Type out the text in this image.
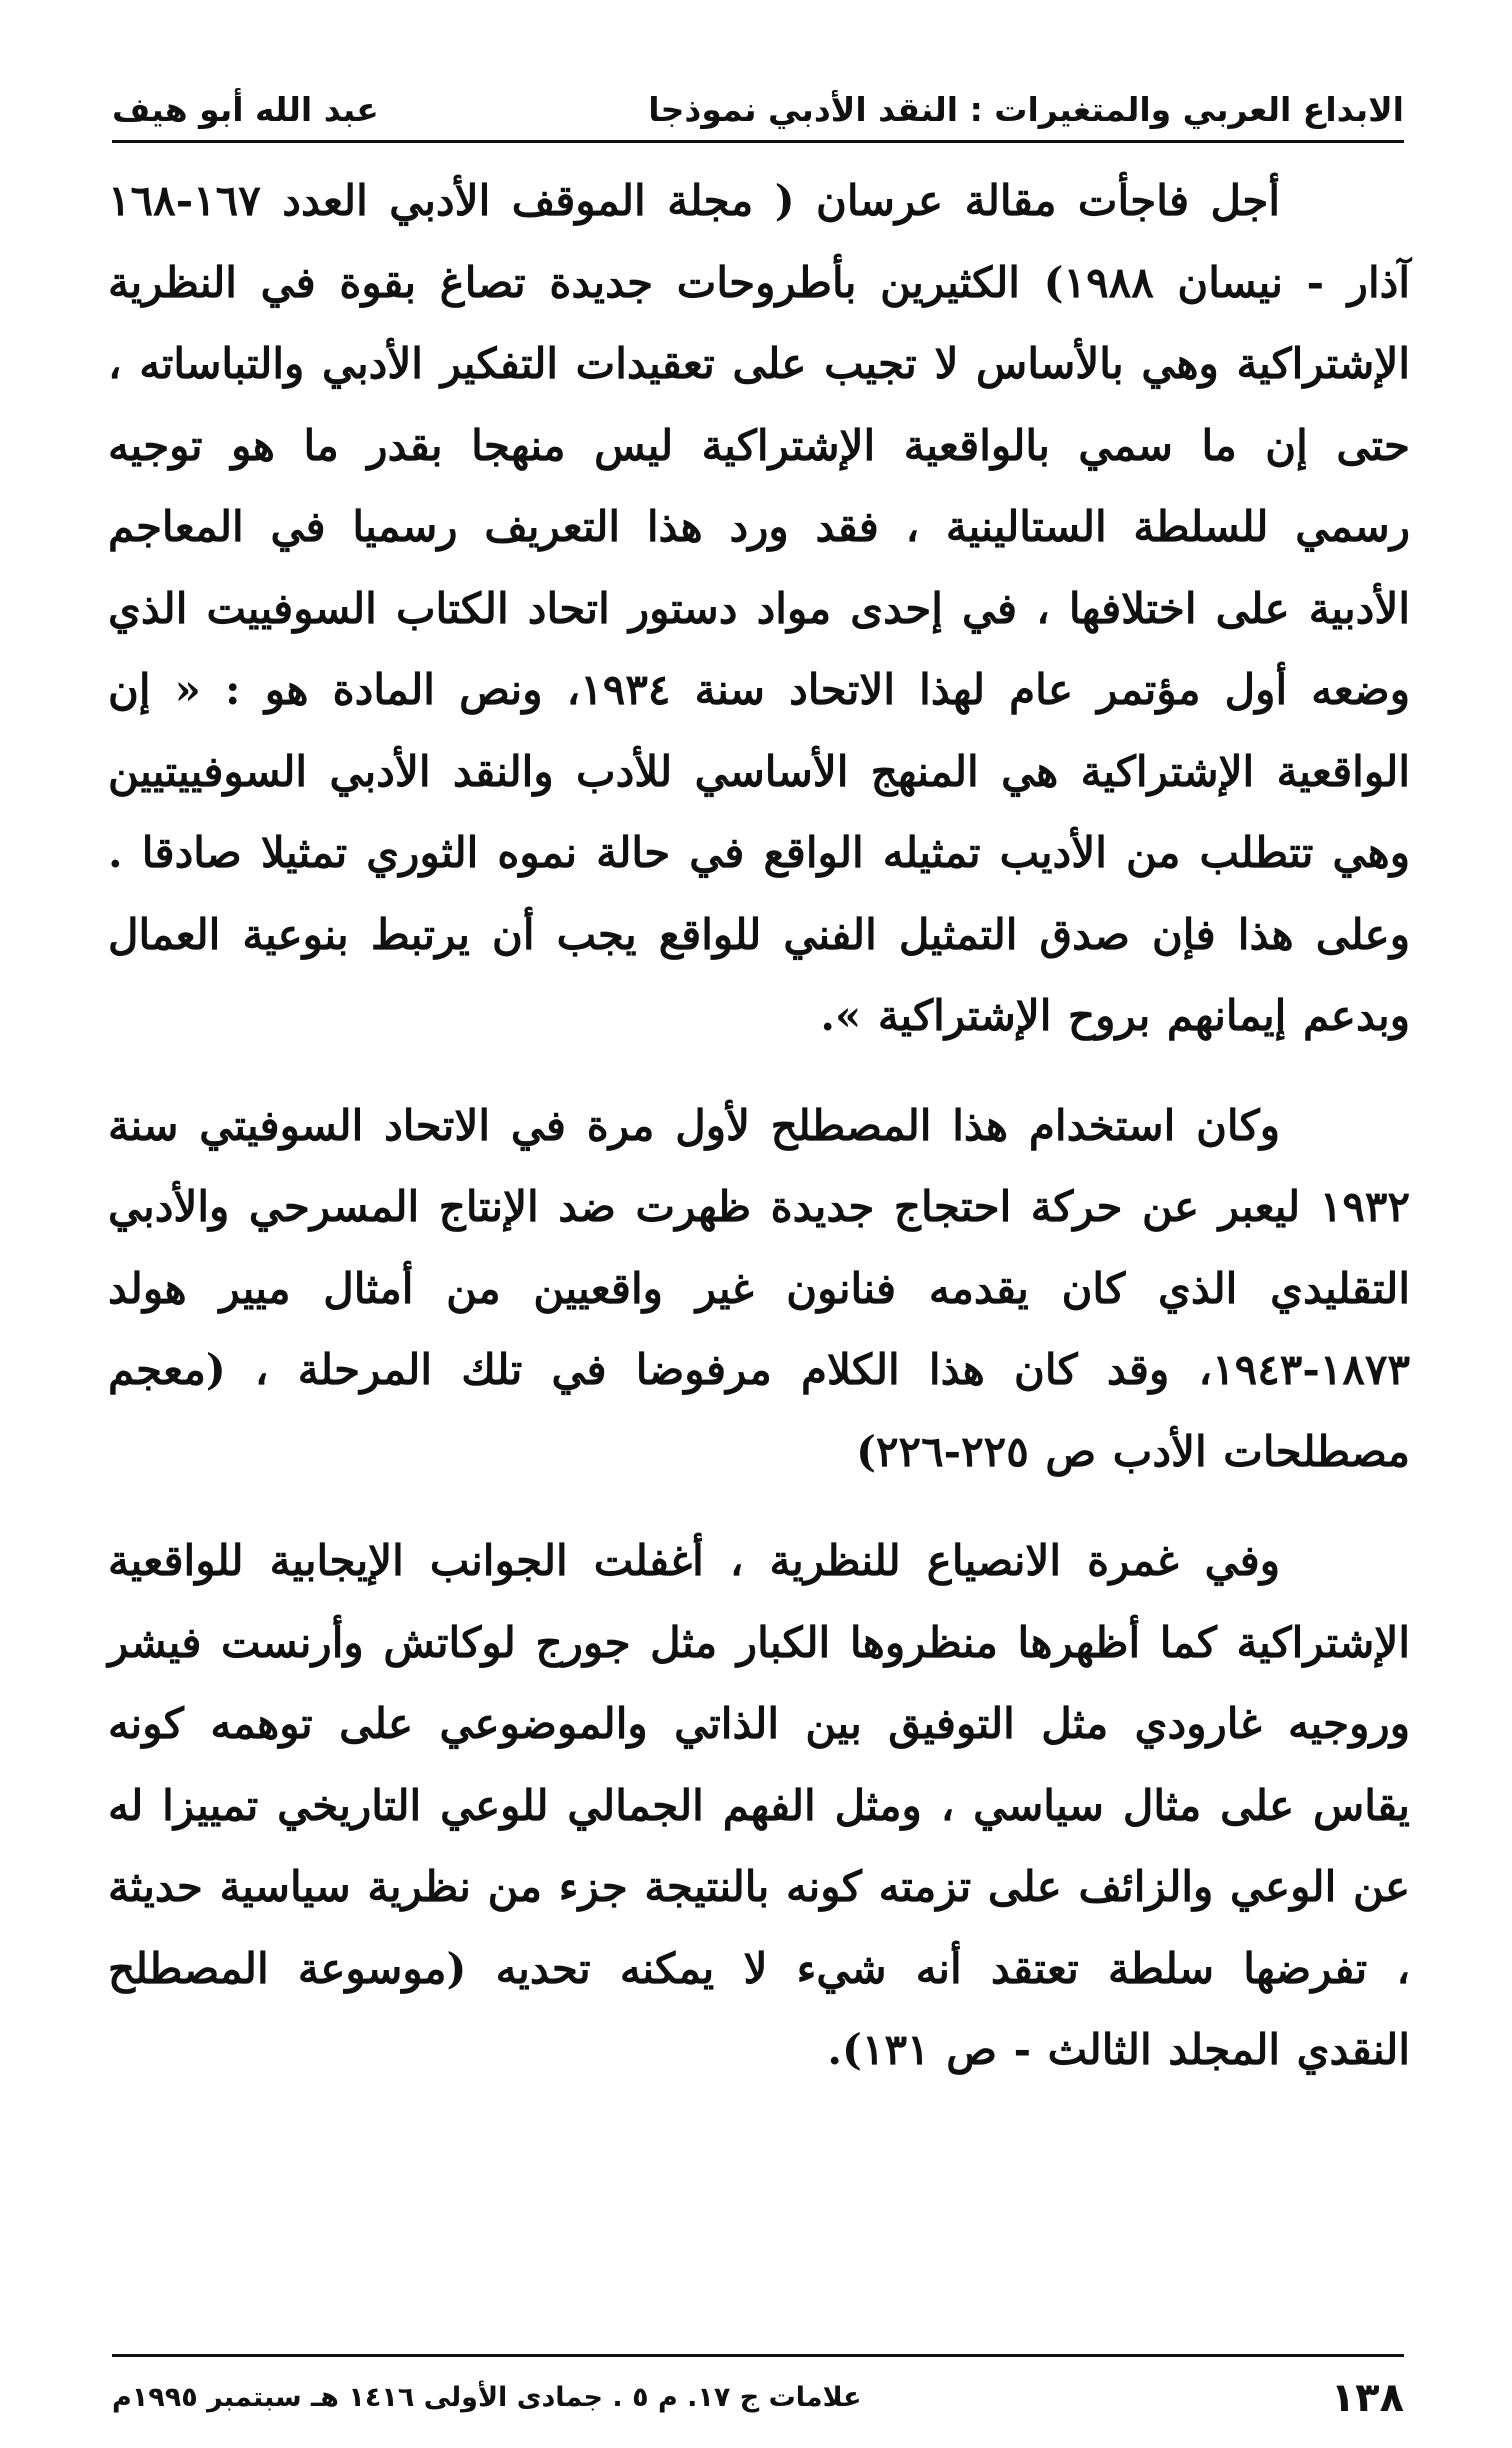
الابداع العربي والمتغيرات : النقد الأدبي نموذجا
عبد الله أبو هيف

أجل فاجأت مقالة عرسان ( مجلة الموقف الأدبي العدد ١٦٧-١٦٨ آذار - نيسان ١٩٨٨) الكثيرين بأطروحات جديدة تصاغ بقوة في النظرية الإشتراكية وهي بالأساس لا تجيب على تعقيدات التفكير الأدبي والتباساته ، حتى إن ما سمي بالواقعية الإشتراكية ليس منهجا بقدر ما هو توجيه رسمي للسلطة الستالينية ، فقد ورد هذا التعريف رسميا في المعاجم الأدبية على اختلافها ، في إحدى مواد دستور اتحاد الكتاب السوفييت الذي وضعه أول مؤتمر عام لهذا الاتحاد سنة ١٩٣٤، ونص المادة هو : « إن الواقعية الإشتراكية هي المنهج الأساسي للأدب والنقد الأدبي السوفييتيين وهي تتطلب من الأديب تمثيله الواقع في حالة نموه الثوري تمثيلا صادقا . وعلى هذا فإن صدق التمثيل الفني للواقع يجب أن يرتبط بنوعية العمال وبدعم إيمانهم بروح الإشتراكية ».

وكان استخدام هذا المصطلح لأول مرة في الاتحاد السوفيتي سنة ١٩٣٢ ليعبر عن حركة احتجاج جديدة ظهرت ضد الإنتاج المسرحي والأدبي التقليدي الذي كان يقدمه فنانون غير واقعيين من أمثال ميير هولد ١٨٧٣-١٩٤٣، وقد كان هذا الكلام مرفوضا في تلك المرحلة ، (معجم مصطلحات الأدب ص ٢٢٥-٢٢٦)

وفي غمرة الانصياع للنظرية ، أغفلت الجوانب الإيجابية للواقعية الإشتراكية كما أظهرها منظروها الكبار مثل جورج لوكاتش وأرنست فيشر وروجيه غارودي مثل التوفيق بين الذاتي والموضوعي على توهمه كونه يقاس على مثال سياسي ، ومثل الفهم الجمالي للوعي التاريخي تمييزا له عن الوعي والزائف على تزمته كونه بالنتيجة جزء من نظرية سياسية حديثة ، تفرضها سلطة تعتقد أنه شيء لا يمكنه تحديه (موسوعة المصطلح النقدي المجلد الثالث - ص ١٣١).

١٣٨
علامات ج ١٧. م ٥ . جمادى الأولى ١٤١٦ هـ سبتمبر ١٩٩٥م
